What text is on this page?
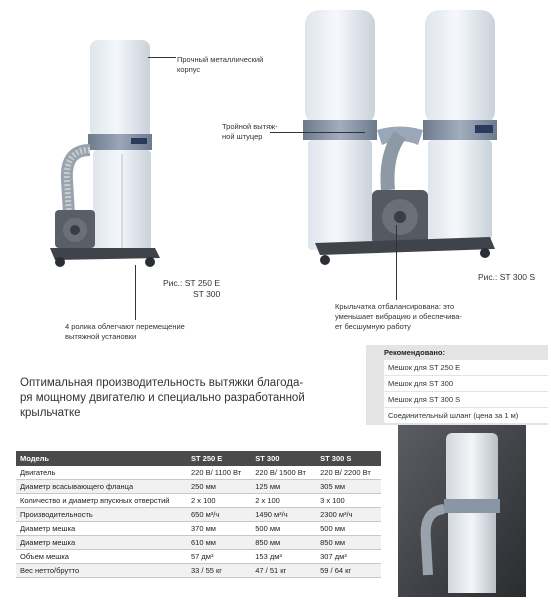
Прочный металлический
корпус
Тройной вытяж-
ной штуцер
4 ролика облегчают перемещение
вытяжной установки
Крыльчатка отбалансирована: это
уменьшает вибрацию и обеспечива-
ет бесшумную работу
Рис.: ST 250 E
ST 300
Рис.: ST 300 S
Оптимальная производительность вытяжки благода-
ря мощному двигателю и специально разработанной
крыльчатке
Рекомендовано:
Мешок для ST 250 E
Мешок для ST 300
Мешок для ST 300 S
Соединительный шланг (цена за 1 м)
Модель	ST 250 E	ST 300	ST 300 S
Двигатель	220 В/ 1100 Вт	220 В/ 1500 Вт	220 В/ 2200 Вт
Диаметр всасывающего фланца	250 мм	125 мм	305 мм
Количество и диаметр впускных отверстий	2 х 100	2 х 100	3 х 100
Производительность	650 м³/ч	1490 м³/ч	2300 м³/ч
Диаметр мешка	370 мм	500 мм	500 мм
Диаметр мешка	610 мм	850 мм	850 мм
Объем мешка	57 дм³	153 дм³	307 дм³
Вес нетто/брутто	33 / 55 кг	47 / 51 кг	59 / 64 кг
